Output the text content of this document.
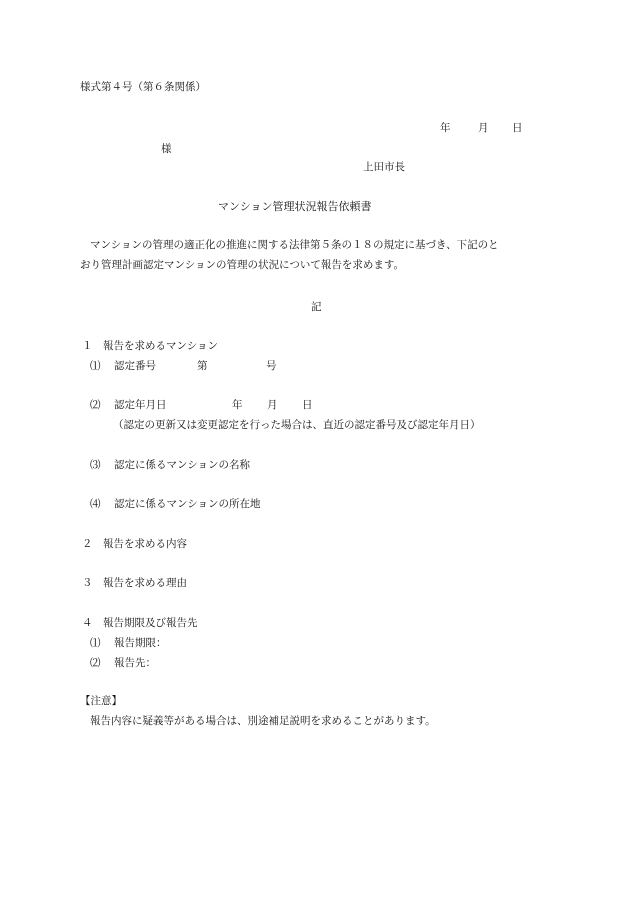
様式第４号（第６条関係）

年	月 日

様

上田市長

マンション管理状況報告依頼書

マンションの管理の適正化の推進に関する法律第５条の１８の規定に基づき、下記のと

おり管理計画認定マンションの管理の状況について報告を求めます。

記

１ 報告を求めるマンション

⑴ 認定番号	第	号

⑵ 認定年月日	年 月 日

（認定の更新又は変更認定を行った場合は、直近の認定番号及び認定年月日）

⑶ 認定に係るマンションの名称

⑷ 認定に係るマンションの所在地

２ 報告を求める内容

３ 報告を求める理由

４ 報告期限及び報告先

⑴ 報告期限：

⑵ 報告先：

【注意】

報告内容に疑義等がある場合は、別途補足説明を求めることがあります。
